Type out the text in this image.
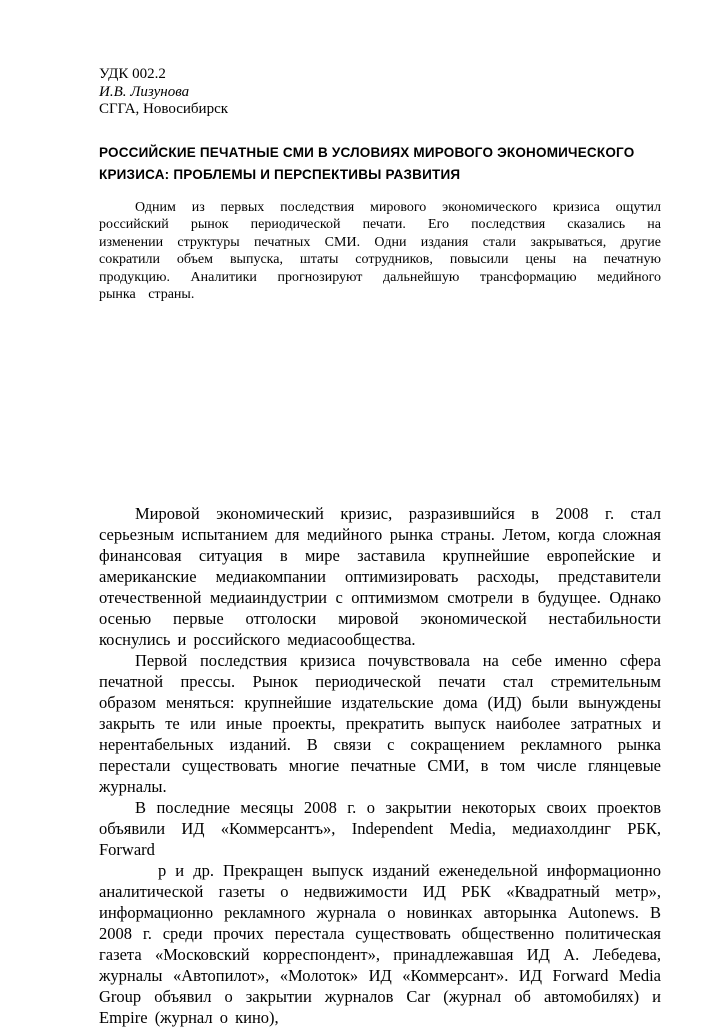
УДК 002.2
И.В. Лизунова
СГГА, Новосибирск
РОССИЙСКИЕ ПЕЧАТНЫЕ СМИ В УСЛОВИЯХ МИРОВОГО ЭКОНОМИЧЕСКОГО
КРИЗИСА: ПРОБЛЕМЫ И ПЕРСПЕКТИВЫ РАЗВИТИЯ

Одним из первых последствия мирового экономического кризиса ощутил российский рынок периодической печати. Его последствия сказались на изменении структуры печатных СМИ. Одни издания стали закрываться, другие сократили объем выпуска, штаты сотрудников, повысили цены на печатную продукцию. Аналитики прогнозируют дальнейшую трансформацию медийного рынка страны.

Мировой экономический кризис, разразившийся в 2008 г. стал серьезным испытанием для медийного рынка страны. Летом, когда сложная финансовая ситуация в мире заставила крупнейшие европейские и американские медиакомпании оптимизировать расходы, представители отечественной медиаиндустрии с оптимизмом смотрели в будущее. Однако осенью первые отголоски мировой экономической нестабильности коснулись и российского медиасообщества.

Первой последствия кризиса почувствовала на себе именно сфера печатной прессы. Рынок периодической печати стал стремительным образом меняться: крупнейшие издательские дома (ИД) были вынуждены закрыть те или иные проекты, прекратить выпуск наиболее затратных и нерентабельных изданий. В связи с сокращением рекламного рынка перестали существовать многие печатные СМИ, в том числе глянцевые журналы.

В последние месяцы 2008 г. о закрытии некоторых своих проектов объявили ИД «Коммерсантъ», Independent Media, медиахолдинг РБК, Forward

р и др. Прекращен выпуск изданий еженедельной информационно аналитической газеты о недвижимости ИД РБК «Квадратный метр», информационно рекламного журнала о новинках авторынка Autonews. В 2008 г. среди прочих перестала существовать общественно политическая газета «Московский корреспондент», принадлежавшая ИД А. Лебедева, журналы «Автопилот», «Молоток» ИД «Коммерсант». ИД Forward Media Group объявил о закрытии журналов Car (журнал об автомобилях) и Empire (журнал о кино),
